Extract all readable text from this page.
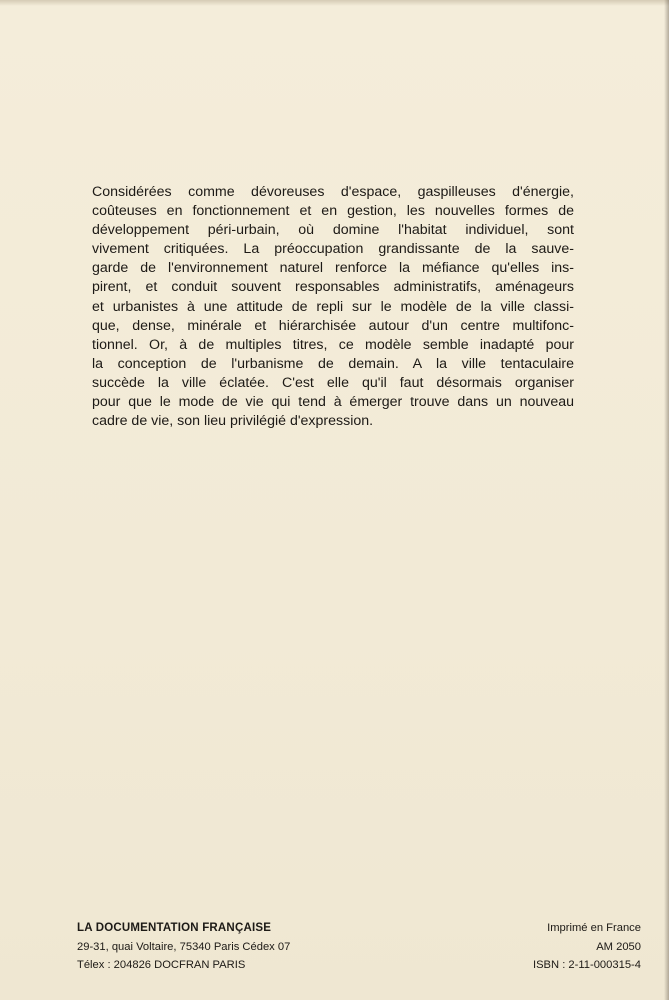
Considérées comme dévoreuses d'espace, gaspilleuses d'énergie,
coûteuses en fonctionnement et en gestion, les nouvelles formes de
développement péri-urbain, où domine l'habitat individuel, sont
vivement critiquées. La préoccupation grandissante de la sauve-
garde de l'environnement naturel renforce la méfiance qu'elles ins-
pirent, et conduit souvent responsables administratifs, aménageurs
et urbanistes à une attitude de repli sur le modèle de la ville classi-
que, dense, minérale et hiérarchisée autour d'un centre multifonc-
tionnel. Or, à de multiples titres, ce modèle semble inadapté pour
la conception de l'urbanisme de demain. A la ville tentaculaire
succède la ville éclatée. C'est elle qu'il faut désormais organiser
pour que le mode de vie qui tend à émerger trouve dans un nouveau
cadre de vie, son lieu privilégié d'expression.
LA DOCUMENTATION FRANÇAISE
29-31, quai Voltaire, 75340 Paris Cédex 07
Télex : 204826 DOCFRAN PARIS
Imprimé en France
AM 2050
ISBN : 2-11-000315-4
